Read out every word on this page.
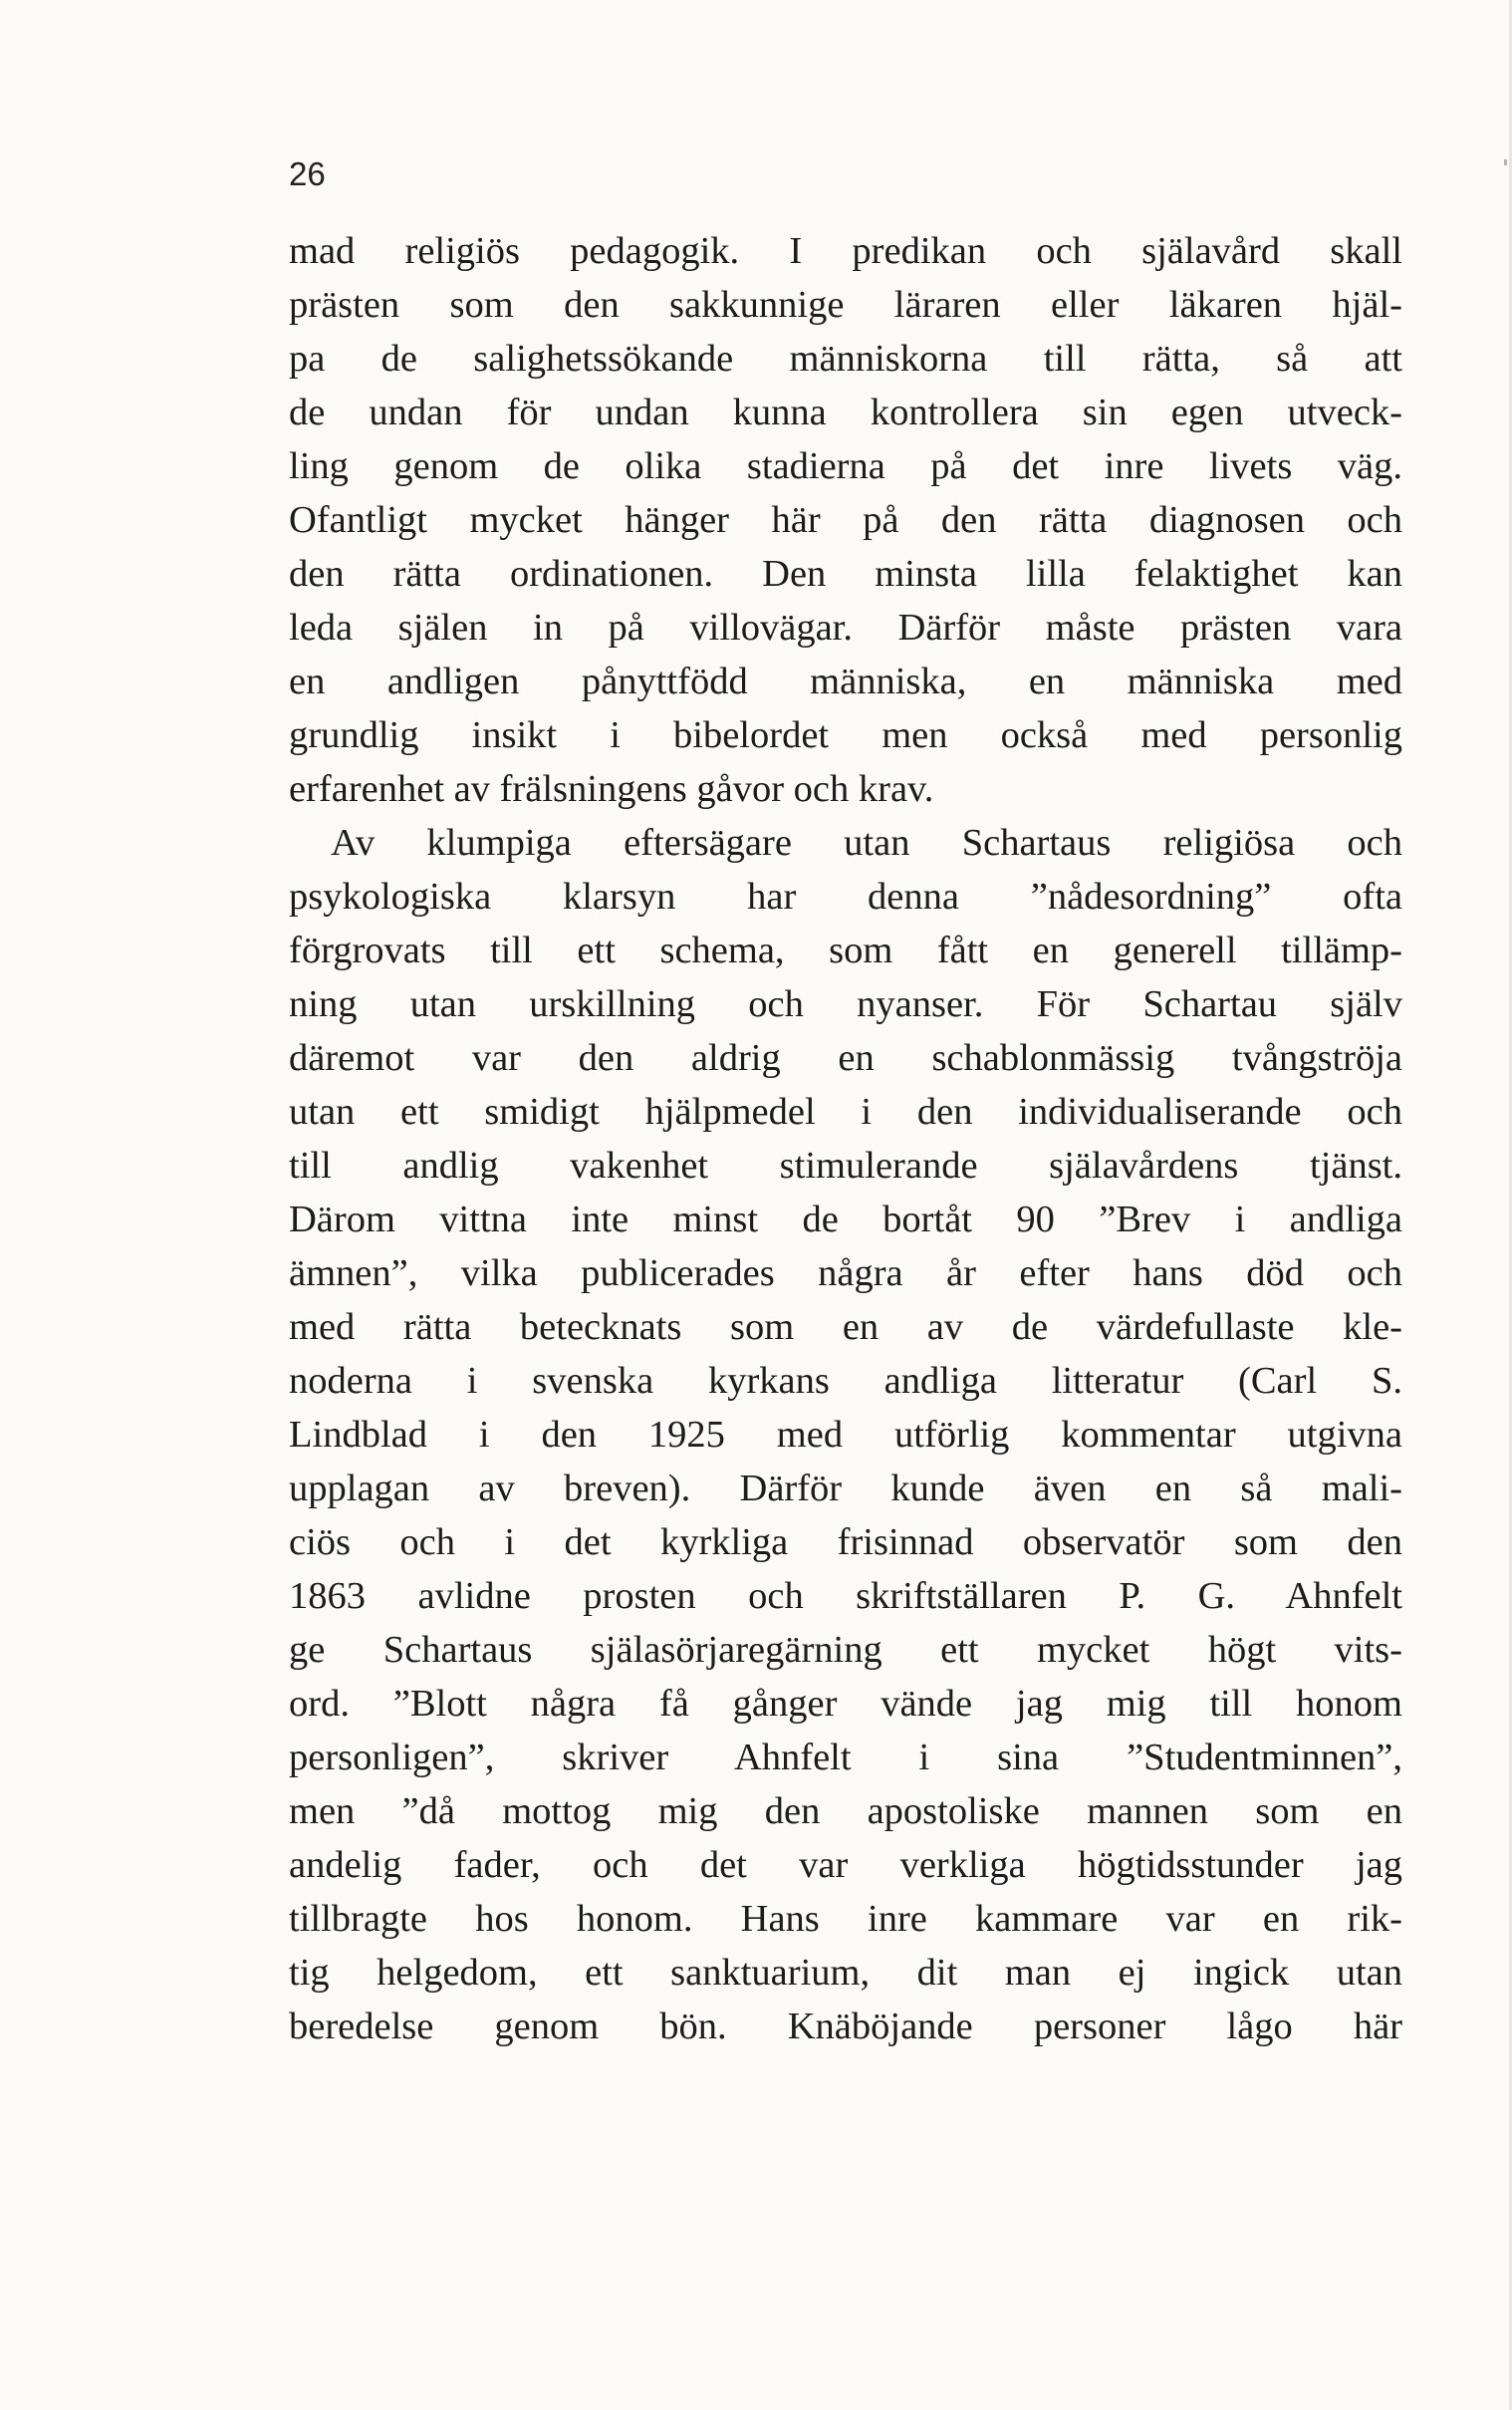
26
mad religiös pedagogik. I predikan och själavård skall
prästen som den sakkunnige läraren eller läkaren hjäl-
pa de salighetssökande människorna till rätta, så att
de undan för undan kunna kontrollera sin egen utveck-
ling genom de olika stadierna på det inre livets väg.
Ofantligt mycket hänger här på den rätta diagnosen och
den rätta ordinationen. Den minsta lilla felaktighet kan
leda själen in på villovägar. Därför måste prästen vara
en andligen pånyttfödd människa, en människa med
grundlig insikt i bibelordet men också med personlig
erfarenhet av frälsningens gåvor och krav.
Av klumpiga eftersägare utan Schartaus religiösa och
psykologiska klarsyn har denna ”nådesordning” ofta
förgrovats till ett schema, som fått en generell tillämp-
ning utan urskillning och nyanser. För Schartau själv
däremot var den aldrig en schablonmässig tvångströja
utan ett smidigt hjälpmedel i den individualiserande och
till andlig vakenhet stimulerande själavårdens tjänst.
Därom vittna inte minst de bortåt 90 ”Brev i andliga
ämnen”, vilka publicerades några år efter hans död och
med rätta betecknats som en av de värdefullaste kle-
noderna i svenska kyrkans andliga litteratur (Carl S.
Lindblad i den 1925 med utförlig kommentar utgivna
upplagan av breven). Därför kunde även en så mali-
ciös och i det kyrkliga frisinnad observatör som den
1863 avlidne prosten och skriftställaren P. G. Ahnfelt
ge Schartaus själasörjaregärning ett mycket högt vits-
ord. ”Blott några få gånger vände jag mig till honom
personligen”, skriver Ahnfelt i sina ”Studentminnen”,
men ”då mottog mig den apostoliske mannen som en
andelig fader, och det var verkliga högtidsstunder jag
tillbragte hos honom. Hans inre kammare var en rik-
tig helgedom, ett sanktuarium, dit man ej ingick utan
beredelse genom bön. Knäböjande personer lågo här
